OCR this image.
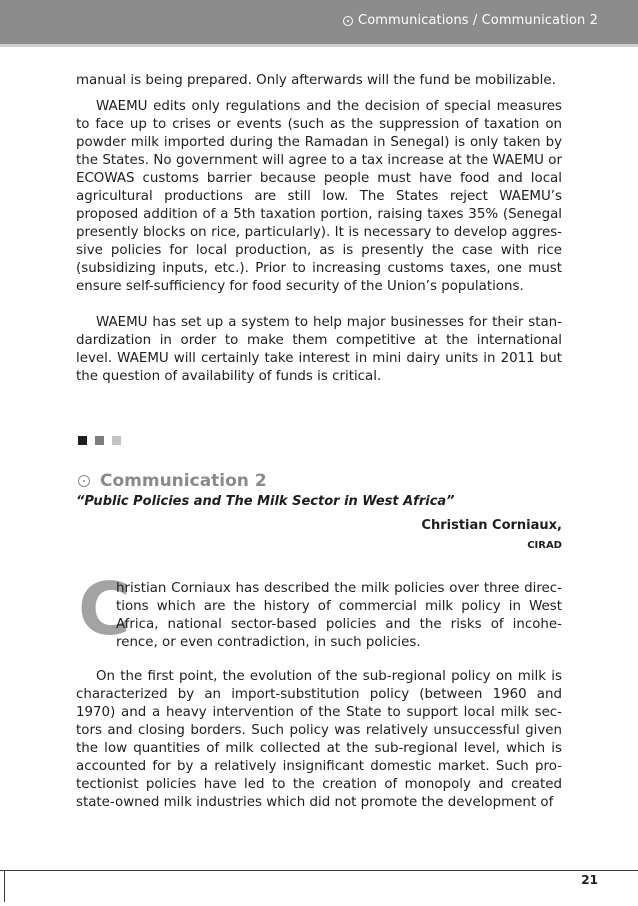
Communications / Communication 2

manual is being prepared. Only afterwards will the fund be mobilizable.

WAEMU edits only regulations and the decision of special measures to face up to crises or events (such as the suppression of taxation on powder milk imported during the Ramadan in Senegal) is only taken by the States. No government will agree to a tax increase at the WAEMU or ECOWAS customs barrier because people must have food and local agricultural productions are still low. The States reject WAEMU’s proposed addition of a 5th taxation portion, raising taxes 35% (Senegal presently blocks on rice, particularly). It is necessary to develop aggres-sive policies for local production, as is presently the case with rice (subsidizing inputs, etc.). Prior to increasing customs taxes, one must ensure self-sufficiency for food security of the Union’s populations.

WAEMU has set up a system to help major businesses for their stan-dardization in order to make them competitive at the international level. WAEMU will certainly take interest in mini dairy units in 2011 but the question of availability of funds is critical.

Communication 2
“Public Policies and The Milk Sector in West Africa”
Christian Corniaux,
CIRAD
C

hristian Corniaux has described the milk policies over three direc-tions which are the history of commercial milk policy in West Africa, national sector-based policies and the risks of incohe-rence, or even contradiction, in such policies.

On the first point, the evolution of the sub-regional policy on milk is characterized by an import-substitution policy (between 1960 and 1970) and a heavy intervention of the State to support local milk sec-tors and closing borders. Such policy was relatively unsuccessful given the low quantities of milk collected at the sub-regional level, which is accounted for by a relatively insignificant domestic market. Such pro-tectionist policies have led to the creation of monopoly and created state-owned milk industries which did not promote the development of

21
